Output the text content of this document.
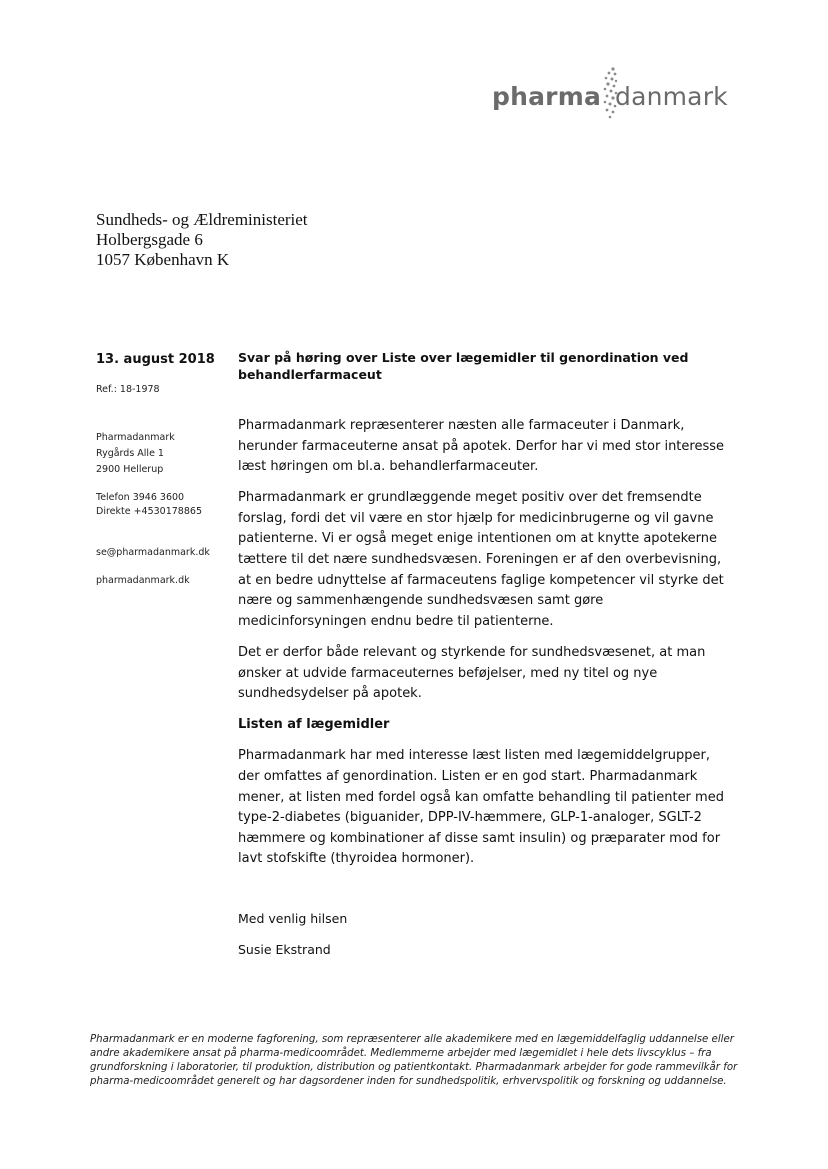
pharma danmark
Sundheds- og Ældreministeriet
Holbergsgade 6
1057 København K
13. august 2018
Ref.: 18-1978
Pharmadanmark
Rygårds Alle 1
2900 Hellerup
Telefon 3946 3600
Direkte +4530178865
se@pharmadanmark.dk
pharmadanmark.dk
Svar på høring over Liste over lægemidler til genordination ved behandlerfarmaceut

Pharmadanmark repræsenterer næsten alle farmaceuter i Danmark, herunder farmaceuterne ansat på apotek. Derfor har vi med stor interesse læst høringen om bl.a. behandlerfarmaceuter.

Pharmadanmark er grundlæggende meget positiv over det fremsendte forslag, fordi det vil være en stor hjælp for medicinbrugerne og vil gavne patienterne. Vi er også meget enige intentionen om at knytte apotekerne tættere til det nære sundhedsvæsen. Foreningen er af den overbevisning, at en bedre udnyttelse af farmaceutens faglige kompetencer vil styrke det nære og sammenhængende sundhedsvæsen samt gøre medicinforsyningen endnu bedre til patienterne.

Det er derfor både relevant og styrkende for sundhedsvæsenet, at man ønsker at udvide farmaceuternes beføjelser, med ny titel og nye sundhedsydelser på apotek.

Listen af lægemidler

Pharmadanmark har med interesse læst listen med lægemiddelgrupper, der omfattes af genordination. Listen er en god start. Pharmadanmark mener, at listen med fordel også kan omfatte behandling til patienter med type-2-diabetes (biguanider, DPP-IV-hæmmere, GLP-1-analoger, SGLT-2 hæmmere og kombinationer af disse samt insulin) og præparater mod for lavt stofskifte (thyroidea hormoner).

Med venlig hilsen
Susie Ekstrand
Pharmadanmark er en moderne fagforening, som repræsenterer alle akademikere med en lægemiddelfaglig uddannelse eller andre akademikere ansat på pharma-medicoområdet. Medlemmerne arbejder med lægemidlet i hele dets livscyklus – fra grundforskning i laboratorier, til produktion, distribution og patientkontakt. Pharmadanmark arbejder for gode rammevilkår for pharma-medicoområdet generelt og har dagsordener inden for sundhedspolitik, erhvervspolitik og forskning og uddannelse.
